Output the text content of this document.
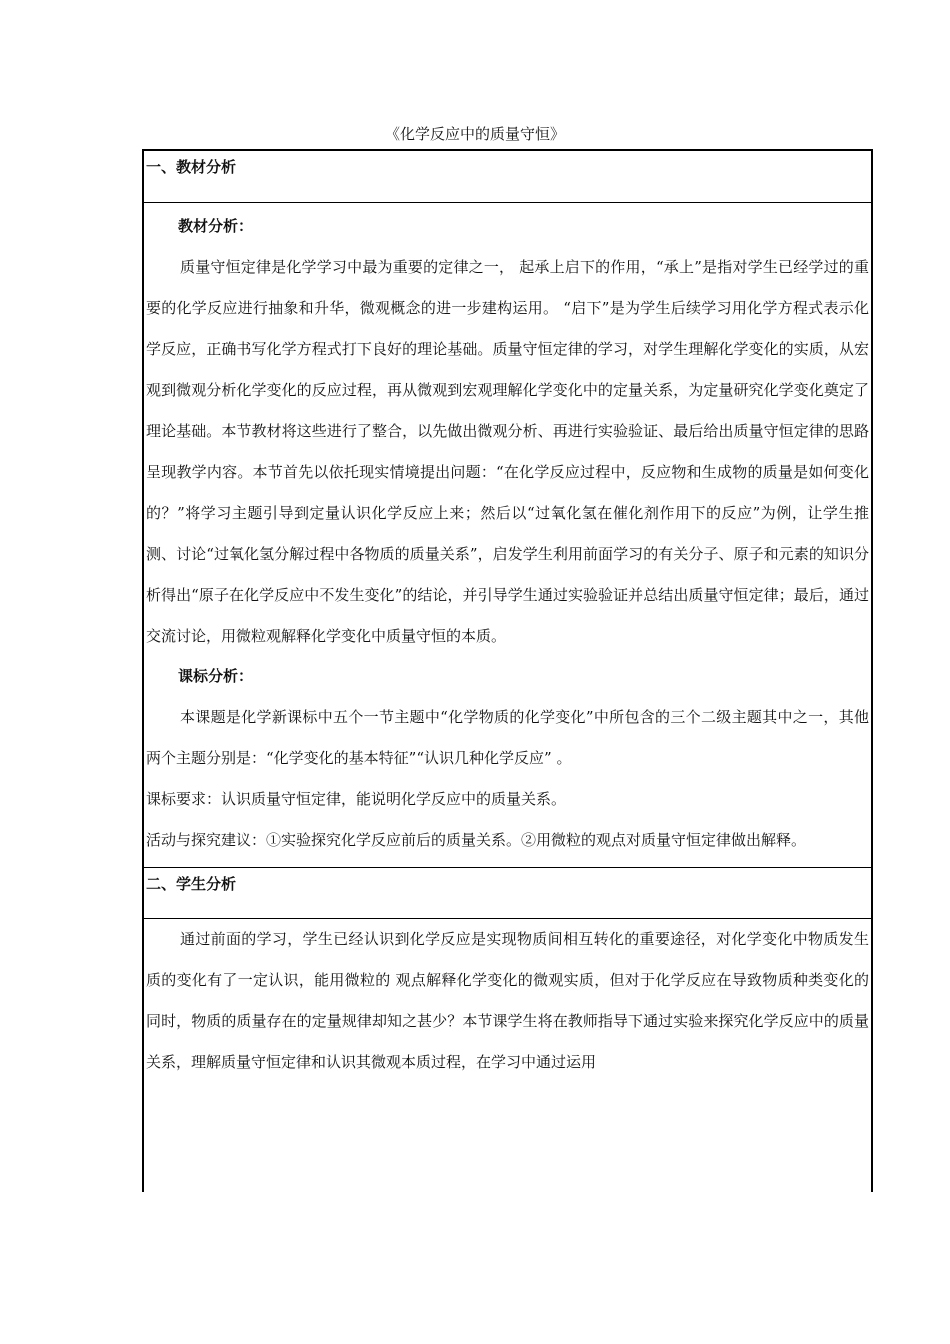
《化学反应中的质量守恒》
一、教材分析

教材分析：

质量守恒定律是化学学习中最为重要的定律之一， 起承上启下的作用，“承上”是指对学生已经学过的重要的化学反应进行抽象和升华，微观概念的进一步建构运用。 “启下”是为学生后续学习用化学方程式表示化学反应，正确书写化学方程式打下良好的理论基础。质量守恒定律的学习，对学生理解化学变化的实质，从宏观到微观分析化学变化的反应过程，再从微观到宏观理解化学变化中的定量关系，为定量研究化学变化奠定了理论基础。本节教材将这些进行了整合，以先做出微观分析、再进行实验验证、最后给出质量守恒定律的思路呈现教学内容。本节首先以依托现实情境提出问题：“在化学反应过程中，反应物和生成物的质量是如何变化的？”将学习主题引导到定量认识化学反应上来；然后以“过氧化氢在催化剂作用下的反应”为例，让学生推测、讨论“过氧化氢分解过程中各物质的质量关系”，启发学生利用前面学习的有关分子、原子和元素的知识分析得出“原子在化学反应中不发生变化”的结论，并引导学生通过实验验证并总结出质量守恒定律；最后，通过交流讨论，用微粒观解释化学变化中质量守恒的本质。

课标分析：

本课题是化学新课标中五个一节主题中“化学物质的化学变化”中所包含的三个二级主题其中之一，其他两个主题分别是：“化学变化的基本特征”“认识几种化学反应” 。

课标要求：认识质量守恒定律，能说明化学反应中的质量关系。

活动与探究建议：①实验探究化学反应前后的质量关系。②用微粒的观点对质量守恒定律做出解释。

二、学生分析

通过前面的学习，学生已经认识到化学反应是实现物质间相互转化的重要途径，对化学变化中物质发生质的变化有了一定认识，能用微粒的 观点解释化学变化的微观实质，但对于化学反应在导致物质种类变化的同时，物质的质量存在的定量规律却知之甚少？本节课学生将在教师指导下通过实验来探究化学反应中的质量关系，理解质量守恒定律和认识其微观本质过程，在学习中通过运用
